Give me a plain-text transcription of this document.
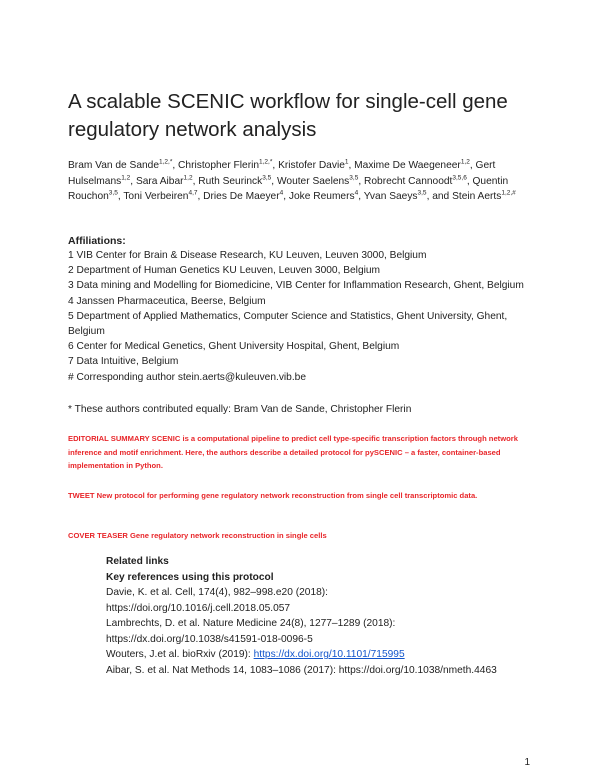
A scalable SCENIC workflow for single-cell gene regulatory network analysis
Bram Van de Sande$^{1,2,*}$, Christopher Flerin$^{1,2,*}$, Kristofer Davie$^1$, Maxime De Waegeneer$^{1,2}$, Gert Hulselmans$^{1,2}$, Sara Aibar$^{1,2}$, Ruth Seurinck$^{3,5}$, Wouter Saelens$^{3,5}$, Robrecht Cannoodt$^{3,5,6}$, Quentin Rouchon$^{3,5}$, Toni Verbeiren$^{4,7}$, Dries De Maeyer$^4$, Joke Reumers$^4$, Yvan Saeys$^{3,5}$, and Stein Aerts$^{1,2,\#}$
Affiliations:
1 VIB Center for Brain & Disease Research, KU Leuven, Leuven 3000, Belgium
2 Department of Human Genetics KU Leuven, Leuven 3000, Belgium
3 Data mining and Modelling for Biomedicine, VIB Center for Inflammation Research, Ghent, Belgium
4 Janssen Pharmaceutica, Beerse, Belgium
5 Department of Applied Mathematics, Computer Science and Statistics, Ghent University, Ghent, Belgium
6 Center for Medical Genetics, Ghent University Hospital, Ghent, Belgium
7 Data Intuitive, Belgium
# Corresponding author stein.aerts@kuleuven.vib.be
* These authors contributed equally: Bram Van de Sande, Christopher Flerin
EDITORIAL SUMMARY SCENIC is a computational pipeline to predict cell type-specific transcription factors through network inference and motif enrichment. Here, the authors describe a detailed protocol for pySCENIC – a faster, container-based implementation in Python.
TWEET New protocol for performing gene regulatory network reconstruction from single cell transcriptomic data.
COVER TEASER Gene regulatory network reconstruction in single cells
Related links
Key references using this protocol
Davie, K. et al. Cell, 174(4), 982–998.e20 (2018):
https://doi.org/10.1016/j.cell.2018.05.057
Lambrechts, D. et al. Nature Medicine 24(8), 1277–1289 (2018):
https://dx.doi.org/10.1038/s41591-018-0096-5
Wouters, J.et al. bioRxiv (2019): https://dx.doi.org/10.1101/715995
Aibar, S. et al. Nat Methods 14, 1083–1086 (2017): https://doi.org/10.1038/nmeth.4463
1
